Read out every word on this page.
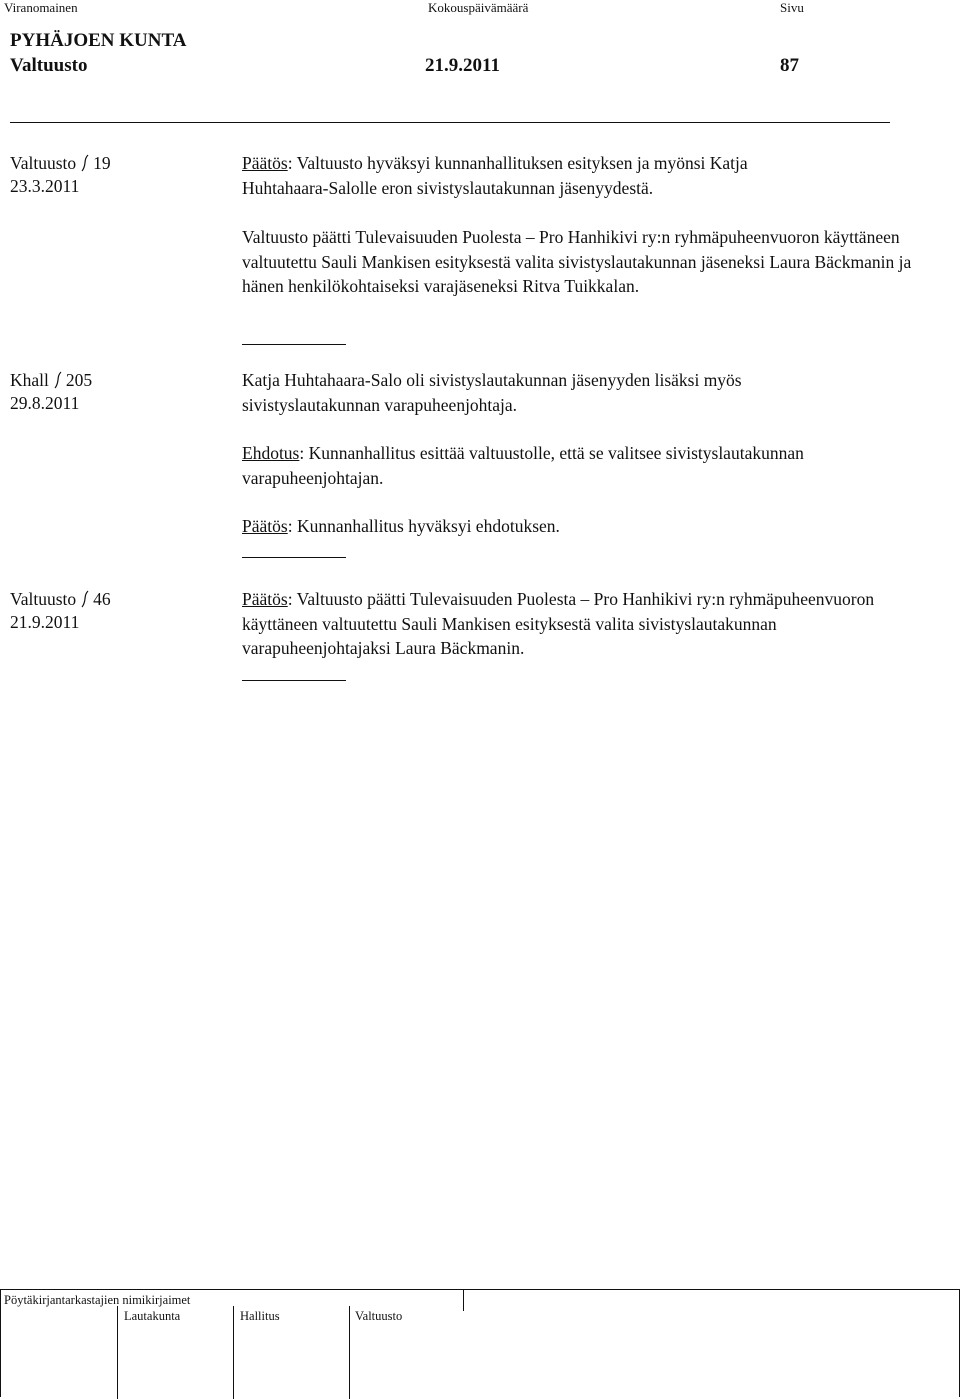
Viranomainen	Kokouspäivämäärä	Sivu
PYHÄJOEN KUNTA
Valtuusto	21.9.2011	87
Valtuusto 19
23.3.2011

Päätös: Valtuusto hyväksyi kunnanhallituksen esityksen ja myönsi Katja Huhtahaara-Salolle eron sivistyslautakunnan jäsenyydestä.

Valtuusto päätti Tulevaisuuden Puolesta – Pro Hanhikivi ry:n ryhmäpuheenvuoron käyttäneen valtuutettu Sauli Mankisen esityksestä valita sivistyslautakunnan jäseneksi Laura Bäckmanin ja hänen henkilökohtaiseksi varajäseneksi Ritva Tuikkalan.

Khall 205
29.8.2011

Katja Huhtahaara-Salo oli sivistyslautakunnan jäsenyyden lisäksi myös sivistyslautakunnan varapuheenjohtaja.

Ehdotus: Kunnanhallitus esittää valtuustolle, että se valitsee sivistyslautakunnan varapuheenjohtajan.

Päätös: Kunnanhallitus hyväksyi ehdotuksen.

Valtuusto 46
21.9.2011

Päätös: Valtuusto päätti Tulevaisuuden Puolesta – Pro Hanhikivi ry:n ryhmäpuheenvuoron käyttäneen valtuutettu Sauli Mankisen esityksestä valita sivistyslautakunnan varapuheenjohtajaksi Laura Bäckmanin.

Pöytäkirjantarkastajien nimikirjaimet
Lautakunta	Hallitus	Valtuusto
